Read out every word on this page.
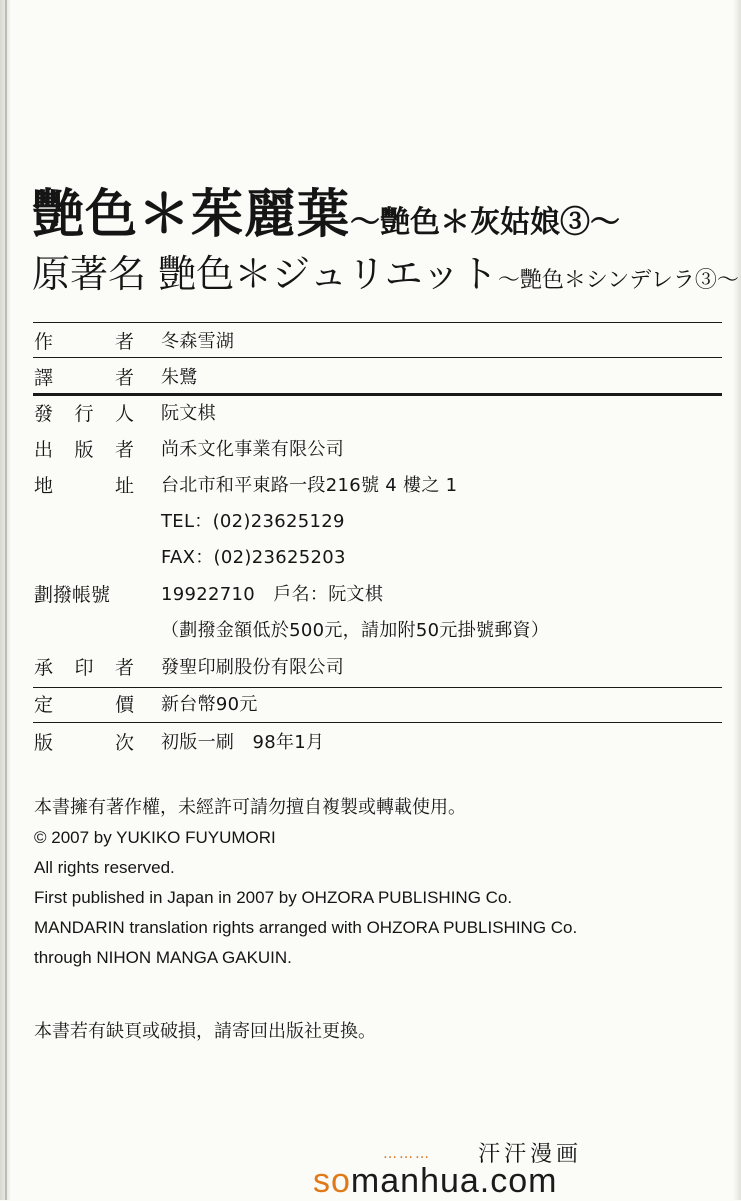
艷色＊茱麗葉～艷色＊灰姑娘③～
原著名 艷色＊ジュリエット～艷色＊シンデレラ③～
作	者 冬森雪湖
譯	者 朱鷺
發 行 人 阮文棋
出 版 者 尚禾文化事業有限公司
地	址 台北市和平東路一段216號 4 樓之 1
TEL：(02)23625129
FAX：(02)23625203
劃撥帳號	19922710　戶名：阮文棋
（劃撥金額低於500元，請加附50元掛號郵資）
承 印 者 發聖印刷股份有限公司
定	價 新台幣90元
版	次 初版一刷　98年1月
本書擁有著作權，未經許可請勿擅自複製或轉載使用。
© 2007 by YUKIKO FUYUMORI
All rights reserved.
First published in Japan in 2007 by OHZORA PUBLISHING Co.
MANDARIN translation rights arranged with OHZORA PUBLISHING Co.
through NIHON MANGA GAKUIN.
本書若有缺頁或破損，請寄回出版社更換。
……… 汗汗漫画
somanhua.com
